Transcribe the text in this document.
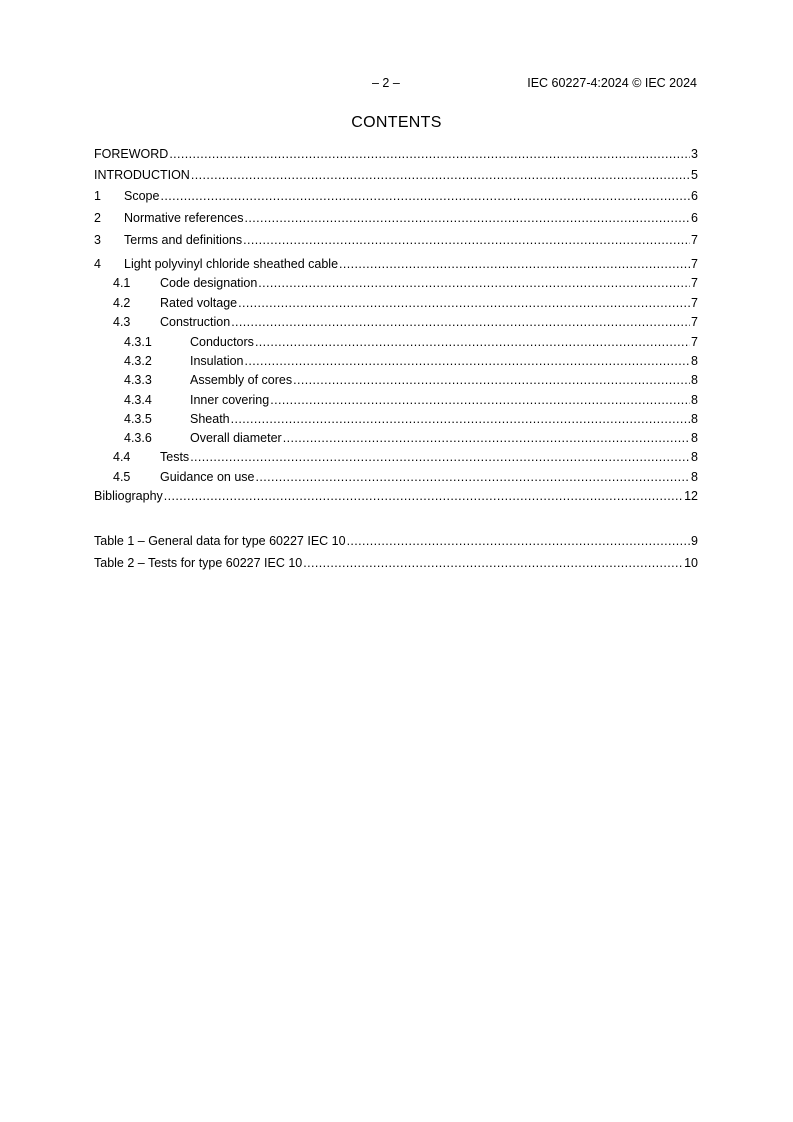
– 2 –	IEC 60227-4:2024 © IEC 2024
CONTENTS
FOREWORD .....	3
INTRODUCTION .....	5
1	Scope .....	6
2	Normative references .....	6
3	Terms and definitions .....	7
4	Light polyvinyl chloride sheathed cable .....	7
4.1	Code designation .....	7
4.2	Rated voltage .....	7
4.3	Construction .....	7
4.3.1	Conductors .....	7
4.3.2	Insulation .....	8
4.3.3	Assembly of cores .....	8
4.3.4	Inner covering .....	8
4.3.5	Sheath .....	8
4.3.6	Overall diameter .....	8
4.4	Tests .....	8
4.5	Guidance on use .....	8
Bibliography .....	12
Table 1 – General data for type 60227 IEC 10 .....	9
Table 2 – Tests for type 60227 IEC 10 .....	10
